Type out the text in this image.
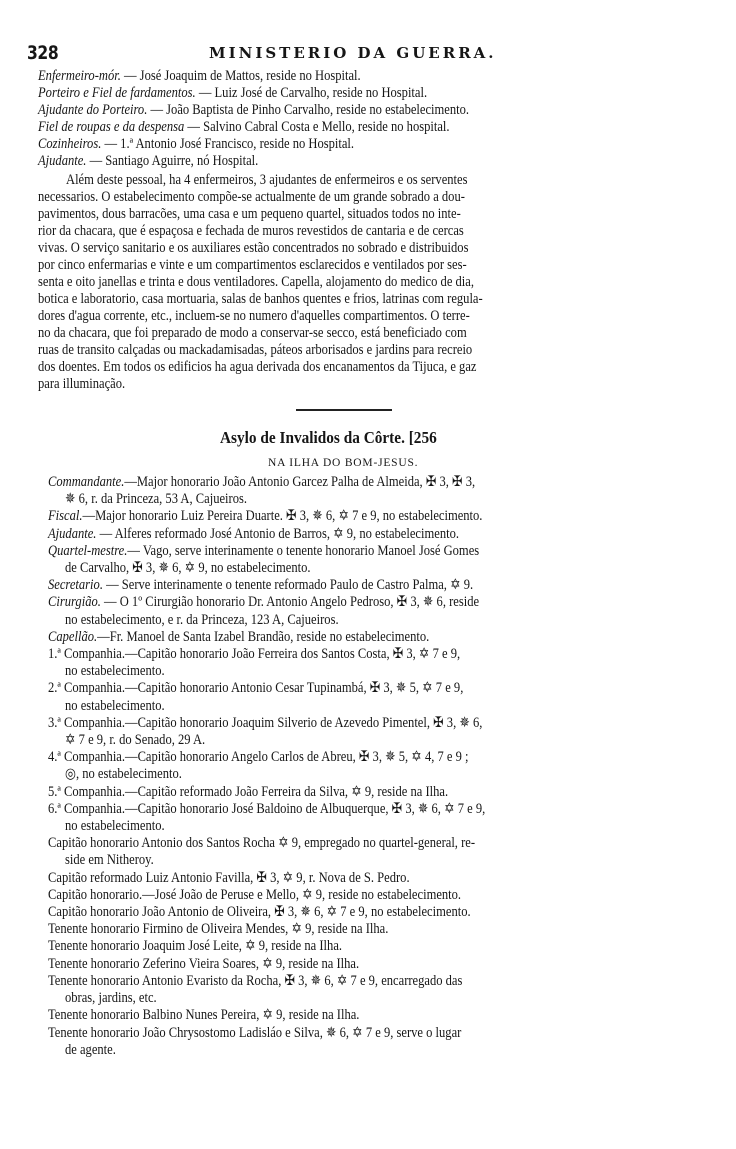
328	MINISTERIO DA GUERRA.
Enfermeiro-mór. — José Joaquim de Mattos, reside no Hospital.
Porteiro e Fiel de fardamentos. — Luiz José de Carvalho, reside no Hospital.
Ajudante do Porteiro. — João Baptista de Pinho Carvalho, reside no estabelecimento.
Fiel de roupas e da despensa — Salvino Cabral Costa e Mello, reside no hospital.
Cozinheiros. — 1.ª Antonio José Francisco, reside no Hospital.
Ajudante. — Santiago Aguirre, nó Hospital.
Além deste pessoal, ha 4 enfermeiros, 3 ajudantes de enfermeiros e os serventes
necessarios. O estabelecimento compõe-se actualmente de um grande sobrado a dou-
pavimentos, dous barracões, uma casa e um pequeno quartel, situados todos no inte-
rior da chacara, que é espaçosa e fechada de muros revestidos de cantaria e de cercas
vivas. O serviço sanitario e os auxiliares estão concentrados no sobrado e distribuidos
por cinco enfermarias e vinte e um compartimentos esclarecidos e ventilados por ses-
senta e oito janellas e trinta e dous ventiladores. Capella, alojamento do medico de dia,
botica e laboratorio, casa mortuaria, salas de banhos quentes e frios, latrinas com regula-
dores d'agua corrente, etc., incluem-se no numero d'aquelles compartimentos. O terre-
no da chacara, que foi preparado de modo a conservar-se secco, está beneficiado com
ruas de transito calçadas ou mackadamisadas, páteos arborisados e jardins para recreio
dos doentes. Em todos os edificios ha agua derivada dos encanamentos da Tijuca, e gaz
para illuminação.
Asylo de Invalidos da Côrte. [256
NA ILHA DO BOM-JESUS.
Commandante.—Major honorario João Antonio Garcez Palha de Almeida, ✠ 3, ✠ 3,
✵ 6, r. da Princeza, 53 A, Cajueiros.
Fiscal.—Major honorario Luiz Pereira Duarte. ✠ 3, ✵ 6, ✡ 7 e 9, no estabelecimento.
Ajudante. — Alferes reformado José Antonio de Barros, ✡ 9, no estabelecimento.
Quartel-mestre.— Vago, serve interinamente o tenente honorario Manoel José Gomes
de Carvalho, ✠ 3, ✵ 6, ✡ 9, no estabelecimento.
Secretario. — Serve interinamente o tenente reformado Paulo de Castro Palma, ✡ 9.
Cirurgião. — O 1º Cirurgião honorario Dr. Antonio Angelo Pedroso, ✠ 3, ✵ 6, reside
no estabelecimento, e r. da Princeza, 123 A, Cajueiros.
Capellão.—Fr. Manoel de Santa Izabel Brandão, reside no estabelecimento.
1.ª Companhia.—Capitão honorario João Ferreira dos Santos Costa, ✠ 3, ✡ 7 e 9,
no estabelecimento.
2.ª Companhia.—Capitão honorario Antonio Cesar Tupinambá, ✠ 3, ✵ 5, ✡ 7 e 9,
no estabelecimento.
3.ª Companhia.—Capitão honorario Joaquim Silverio de Azevedo Pimentel, ✠ 3, ✵ 6,
✡ 7 e 9, r. do Senado, 29 A.
4.ª Companhia.—Capitão honorario Angelo Carlos de Abreu, ✠ 3, ✵ 5, ✡ 4, 7 e 9 ;
◎, no estabelecimento.
5.ª Companhia.—Capitão reformado João Ferreira da Silva, ✡ 9, reside na Ilha.
6.ª Companhia.—Capitão honorario José Baldoino de Albuquerque, ✠ 3, ✵ 6, ✡ 7 e 9,
no estabelecimento.
Capitão honorario Antonio dos Santos Rocha ✡ 9, empregado no quartel-general, re-
side em Nitheroy.
Capitão reformado Luiz Antonio Favilla, ✠ 3, ✡ 9, r. Nova de S. Pedro.
Capitão honorario.—José João de Peruse e Mello, ✡ 9, reside no estabelecimento.
Capitão honorario João Antonio de Oliveira, ✠ 3, ✵ 6, ✡ 7 e 9, no estabelecimento.
Tenente honorario Firmino de Oliveira Mendes, ✡ 9, reside na Ilha.
Tenente honorario Joaquim José Leite, ✡ 9, reside na Ilha.
Tenente honorario Zeferino Vieira Soares, ✡ 9, reside na Ilha.
Tenente honorario Antonio Evaristo da Rocha, ✠ 3, ✵ 6, ✡ 7 e 9, encarregado das
obras, jardins, etc.
Tenente honorario Balbino Nunes Pereira, ✡ 9, reside na Ilha.
Tenente honorario João Chrysostomo Ladisláo e Silva, ✵ 6, ✡ 7 e 9, serve o lugar
de agente.
